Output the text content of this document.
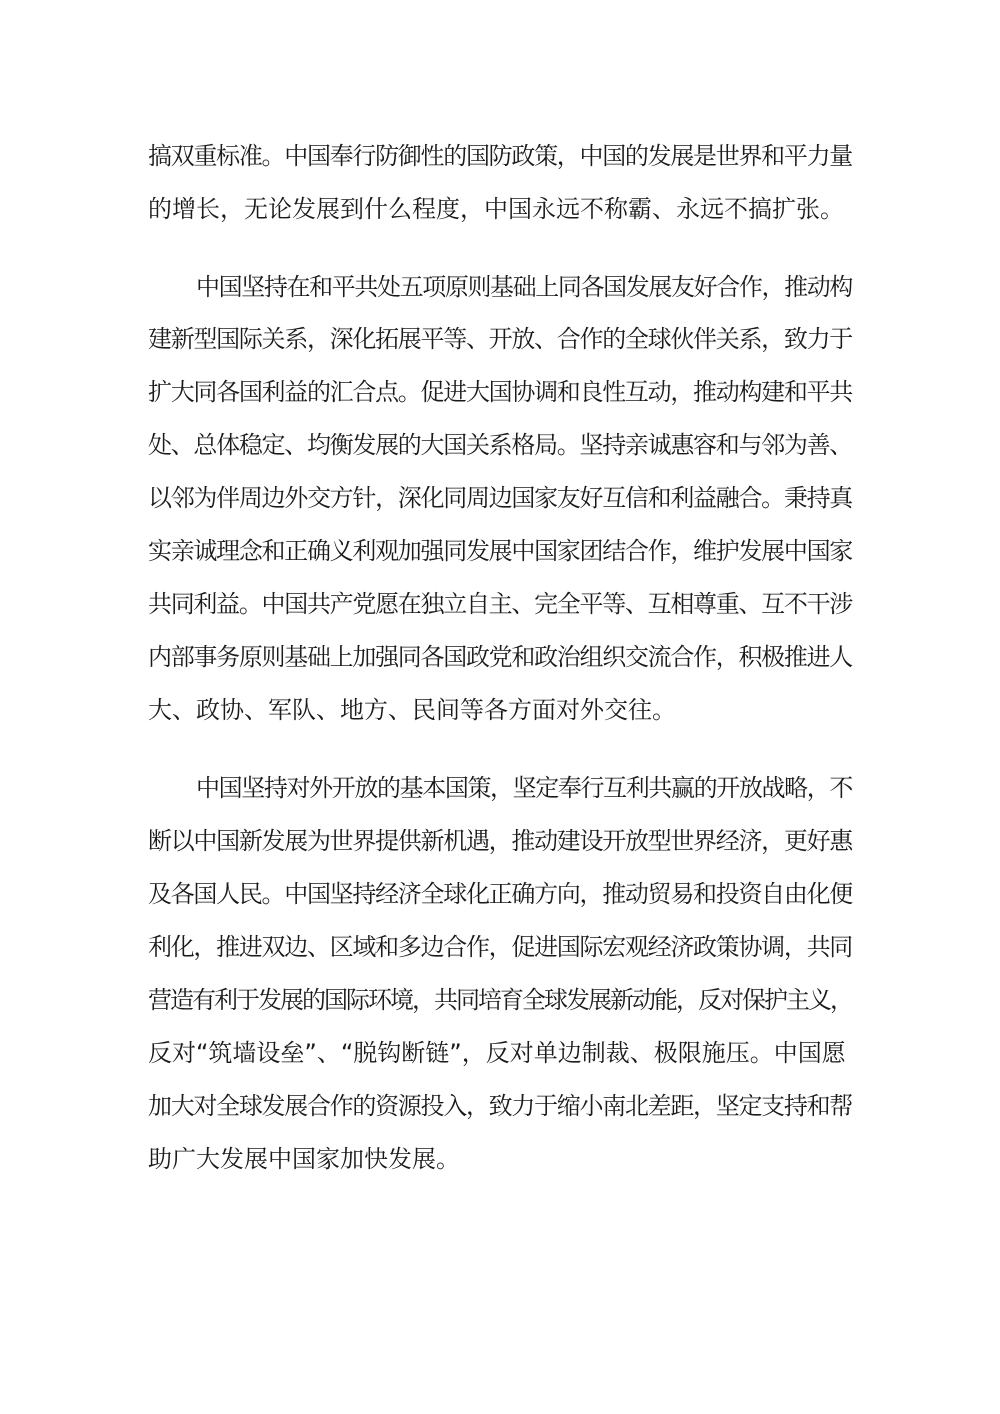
搞双重标准。中国奉行防御性的国防政策，中国的发展是世界和平力量
的增长，无论发展到什么程度，中国永远不称霸、永远不搞扩张。
中国坚持在和平共处五项原则基础上同各国发展友好合作，推动构
建新型国际关系，深化拓展平等、开放、合作的全球伙伴关系，致力于
扩大同各国利益的汇合点。促进大国协调和良性互动，推动构建和平共
处、总体稳定、均衡发展的大国关系格局。坚持亲诚惠容和与邻为善、
以邻为伴周边外交方针，深化同周边国家友好互信和利益融合。秉持真
实亲诚理念和正确义利观加强同发展中国家团结合作，维护发展中国家
共同利益。中国共产党愿在独立自主、完全平等、互相尊重、互不干涉
内部事务原则基础上加强同各国政党和政治组织交流合作，积极推进人
大、政协、军队、地方、民间等各方面对外交往。
中国坚持对外开放的基本国策，坚定奉行互利共赢的开放战略，不
断以中国新发展为世界提供新机遇，推动建设开放型世界经济，更好惠
及各国人民。中国坚持经济全球化正确方向，推动贸易和投资自由化便
利化，推进双边、区域和多边合作，促进国际宏观经济政策协调，共同
营造有利于发展的国际环境，共同培育全球发展新动能，反对保护主义，
反对“筑墙设垒”、“脱钩断链”，反对单边制裁、极限施压。中国愿
加大对全球发展合作的资源投入，致力于缩小南北差距，坚定支持和帮
助广大发展中国家加快发展。
